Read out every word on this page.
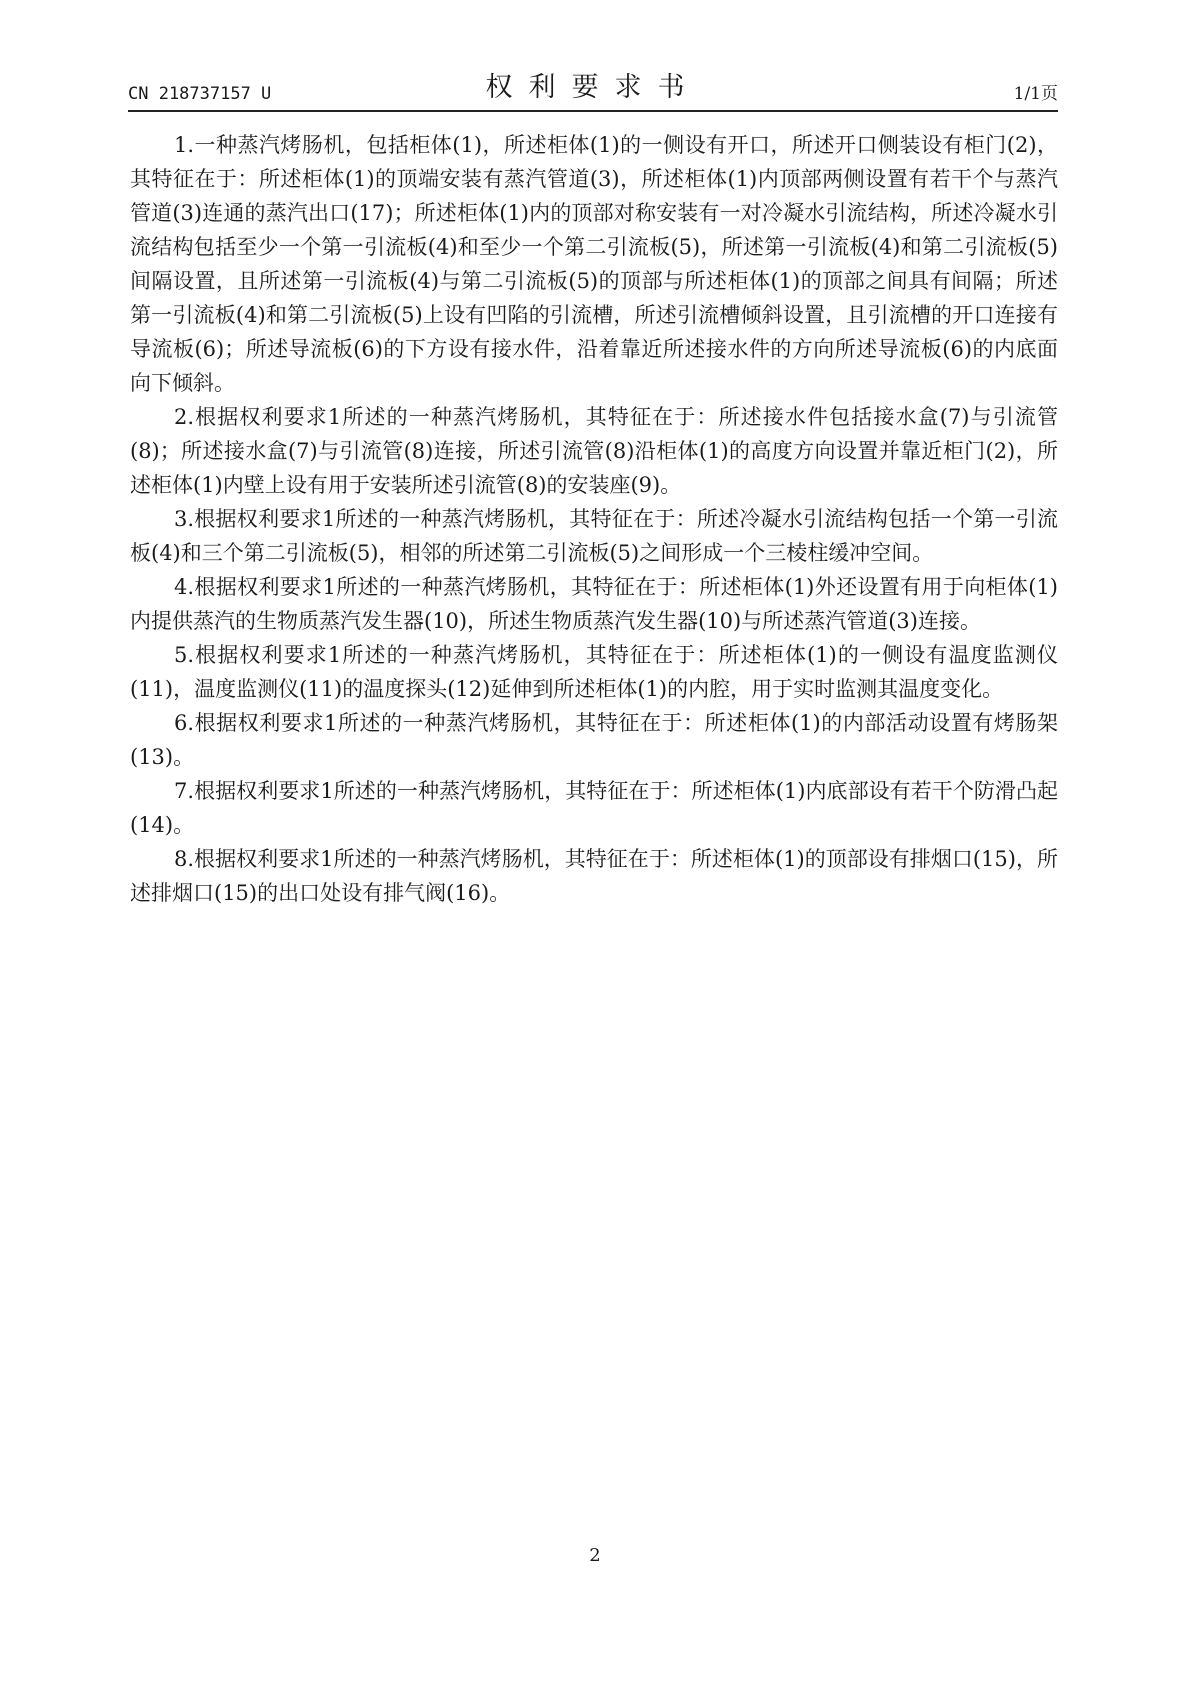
CN 218737157 U	权利要求书	1/1页

1.一种蒸汽烤肠机，包括柜体(1)，所述柜体(1)的一侧设有开口，所述开口侧装设有柜门(2)，其特征在于：所述柜体(1)的顶端安装有蒸汽管道(3)，所述柜体(1)内顶部两侧设置有若干个与蒸汽管道(3)连通的蒸汽出口(17)；所述柜体(1)内的顶部对称安装有一对冷凝水引流结构，所述冷凝水引流结构包括至少一个第一引流板(4)和至少一个第二引流板(5)，所述第一引流板(4)和第二引流板(5)间隔设置，且所述第一引流板(4)与第二引流板(5)的顶部与所述柜体(1)的顶部之间具有间隔；所述第一引流板(4)和第二引流板(5)上设有凹陷的引流槽，所述引流槽倾斜设置，且引流槽的开口连接有导流板(6)；所述导流板(6)的下方设有接水件，沿着靠近所述接水件的方向所述导流板(6)的内底面向下倾斜。

2.根据权利要求1所述的一种蒸汽烤肠机，其特征在于：所述接水件包括接水盒(7)与引流管(8)；所述接水盒(7)与引流管(8)连接，所述引流管(8)沿柜体(1)的高度方向设置并靠近柜门(2)，所述柜体(1)内壁上设有用于安装所述引流管(8)的安装座(9)。

3.根据权利要求1所述的一种蒸汽烤肠机，其特征在于：所述冷凝水引流结构包括一个第一引流板(4)和三个第二引流板(5)，相邻的所述第二引流板(5)之间形成一个三棱柱缓冲空间。

4.根据权利要求1所述的一种蒸汽烤肠机，其特征在于：所述柜体(1)外还设置有用于向柜体(1)内提供蒸汽的生物质蒸汽发生器(10)，所述生物质蒸汽发生器(10)与所述蒸汽管道(3)连接。

5.根据权利要求1所述的一种蒸汽烤肠机，其特征在于：所述柜体(1)的一侧设有温度监测仪(11)，温度监测仪(11)的温度探头(12)延伸到所述柜体(1)的内腔，用于实时监测其温度变化。

6.根据权利要求1所述的一种蒸汽烤肠机，其特征在于：所述柜体(1)的内部活动设置有烤肠架(13)。

7.根据权利要求1所述的一种蒸汽烤肠机，其特征在于：所述柜体(1)内底部设有若干个防滑凸起(14)。

8.根据权利要求1所述的一种蒸汽烤肠机，其特征在于：所述柜体(1)的顶部设有排烟口(15)，所述排烟口(15)的出口处设有排气阀(16)。

2
